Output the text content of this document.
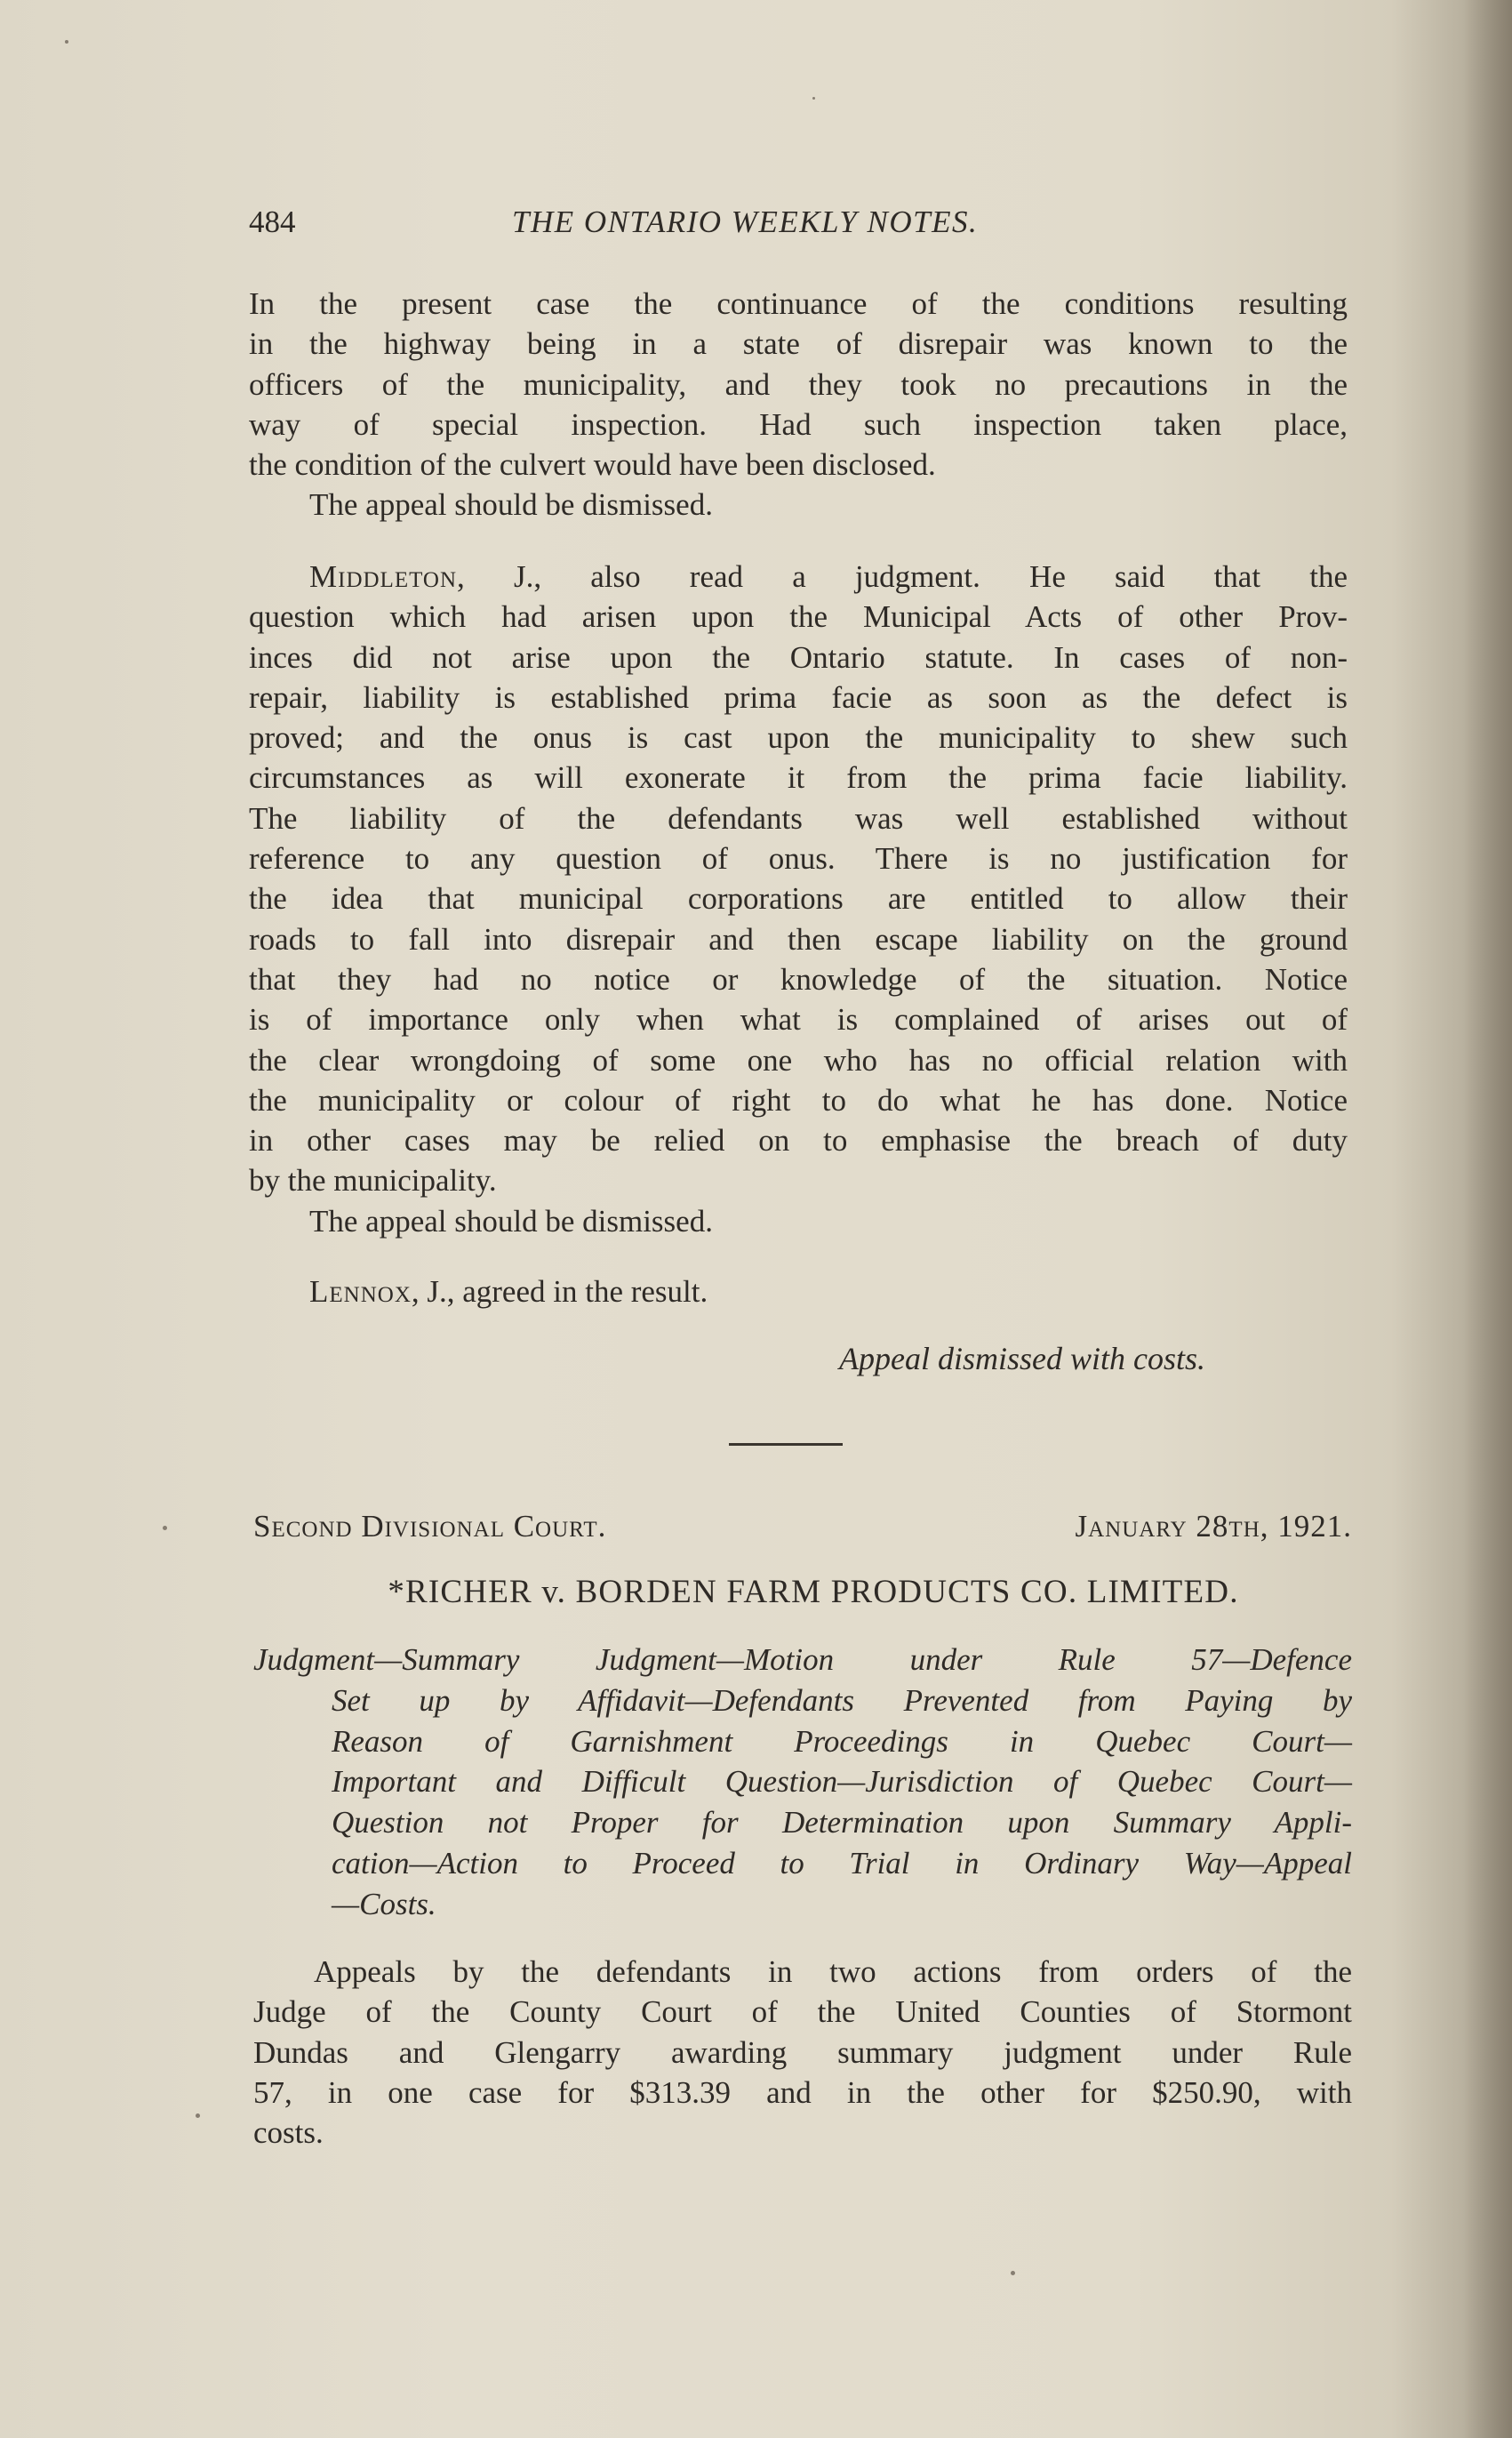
484	THE ONTARIO WEEKLY NOTES.
In the present case the continuance of the conditions resulting
in the highway being in a state of disrepair was known to the
officers of the municipality, and they took no precautions in the
way of special inspection. Had such inspection taken place,
the condition of the culvert would have been disclosed.
The appeal should be dismissed.
Middleton, J., also read a judgment. He said that the
question which had arisen upon the Municipal Acts of other Prov-
inces did not arise upon the Ontario statute. In cases of non-
repair, liability is established prima facie as soon as the defect is
proved; and the onus is cast upon the municipality to shew such
circumstances as will exonerate it from the prima facie liability.
The liability of the defendants was well established without
reference to any question of onus. There is no justification for
the idea that municipal corporations are entitled to allow their
roads to fall into disrepair and then escape liability on the ground
that they had no notice or knowledge of the situation. Notice
is of importance only when what is complained of arises out of
the clear wrongdoing of some one who has no official relation with
the municipality or colour of right to do what he has done. Notice
in other cases may be relied on to emphasise the breach of duty
by the municipality.
The appeal should be dismissed.
Lennox, J., agreed in the result.
Appeal dismissed with costs.
Second Divisional Court.	January 28th, 1921.
*RICHER v. BORDEN FARM PRODUCTS CO. LIMITED.
Judgment—Summary Judgment—Motion under Rule 57—Defence
Set up by Affidavit—Defendants Prevented from Paying by
Reason of Garnishment Proceedings in Quebec Court—
Important and Difficult Question—Jurisdiction of Quebec Court—
Question not Proper for Determination upon Summary Appli-
cation—Action to Proceed to Trial in Ordinary Way—Appeal
—Costs.
Appeals by the defendants in two actions from orders of the
Judge of the County Court of the United Counties of Stormont
Dundas and Glengarry awarding summary judgment under Rule
57, in one case for $313.39 and in the other for $250.90, with
costs.
